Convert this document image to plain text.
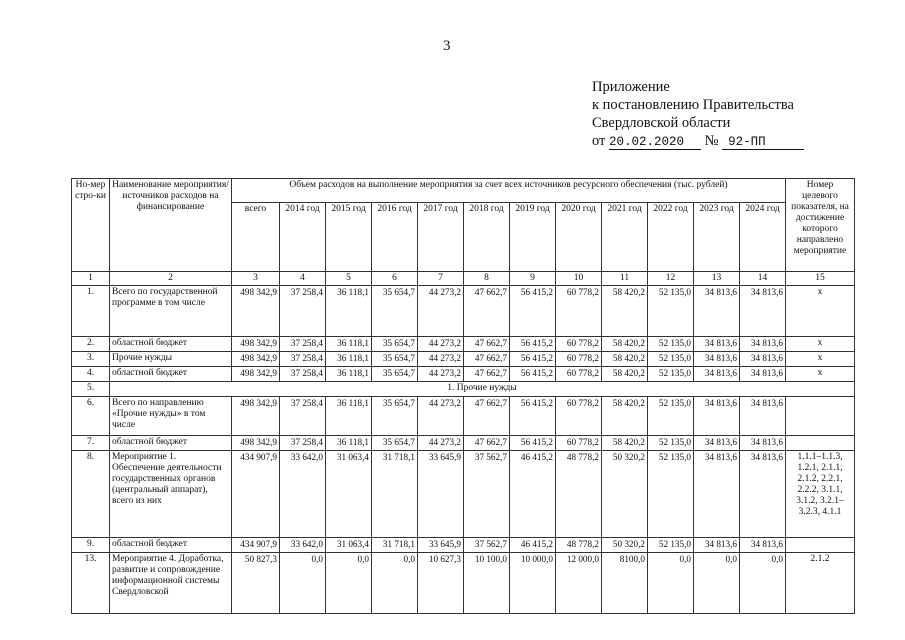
3
Приложение
к постановлению Правительства
Свердловской области
от 20.02.2020 № 92-ПП
Но-мер стро-ки	Наименование мероприятия/источников расходов на финансирование	Объем расходов на выполнение мероприятия за счет всех источников ресурсного обеспечения (тыс. рублей)												Номер целевого показателя, на достижение которого направлено мероприятие
		всего	2014 год	2015 год	2016 год	2017 год	2018 год	2019 год	2020 год	2021 год	2022 год	2023 год	2024 год	
1	2	3	4	5	6	7	8	9	10	11	12	13	14	15
1.	Всего по государственной программе в том числе	498 342,9	37 258,4	36 118,1	35 654,7	44 273,2	47 662,7	56 415,2	60 778,2	58 420,2	52 135,0	34 813,6	34 813,6	x
2.	областной бюджет	498 342,9	37 258,4	36 118,1	35 654,7	44 273,2	47 662,7	56 415,2	60 778,2	58 420,2	52 135,0	34 813,6	34 813,6	x
3.	Прочие нужды	498 342,9	37 258,4	36 118,1	35 654,7	44 273,2	47 662,7	56 415,2	60 778,2	58 420,2	52 135,0	34 813,6	34 813,6	x
4.	областной бюджет	498 342,9	37 258,4	36 118,1	35 654,7	44 273,2	47 662,7	56 415,2	60 778,2	58 420,2	52 135,0	34 813,6	34 813,6	x
5.	1. Прочие нужды													
6.	Всего по направлению «Прочие нужды» в том числе	498 342,9	37 258,4	36 118,1	35 654,7	44 273,2	47 662,7	56 415,2	60 778,2	58 420,2	52 135,0	34 813,6	34 813,6	
7.	областной бюджет	498 342,9	37 258,4	36 118,1	35 654,7	44 273,2	47 662,7	56 415,2	60 778,2	58 420,2	52 135,0	34 813,6	34 813,6	
8.	Мероприятие 1. Обеспечение деятельности государственных органов (центральный аппарат), всего из них	434 907,9	33 642,0	31 063,4	31 718,1	33 645,9	37 562,7	46 415,2	48 778,2	50 320,2	52 135,0	34 813,6	34 813,6	1.1.1–1.1.3, 1.2.1, 2.1.1, 2.1.2, 2.2.1, 2.2.2, 3.1.1, 3.1.2, 3.2.1–3.2.3, 4.1.1
9.	областной бюджет	434 907,9	33 642,0	31 063,4	31 718,1	33 645,9	37 562,7	46 415,2	48 778,2	50 320,2	52 135,0	34 813,6	34 813,6	
13.	Мероприятие 4. Доработка, развитие и сопровождение информационной системы Свердловской	50 827,3	0,0	0,0	0,0	10 627,3	10 100,0	10 000,0	12 000,0	8100,0	0,0	0,0	0,0	2.1.2
